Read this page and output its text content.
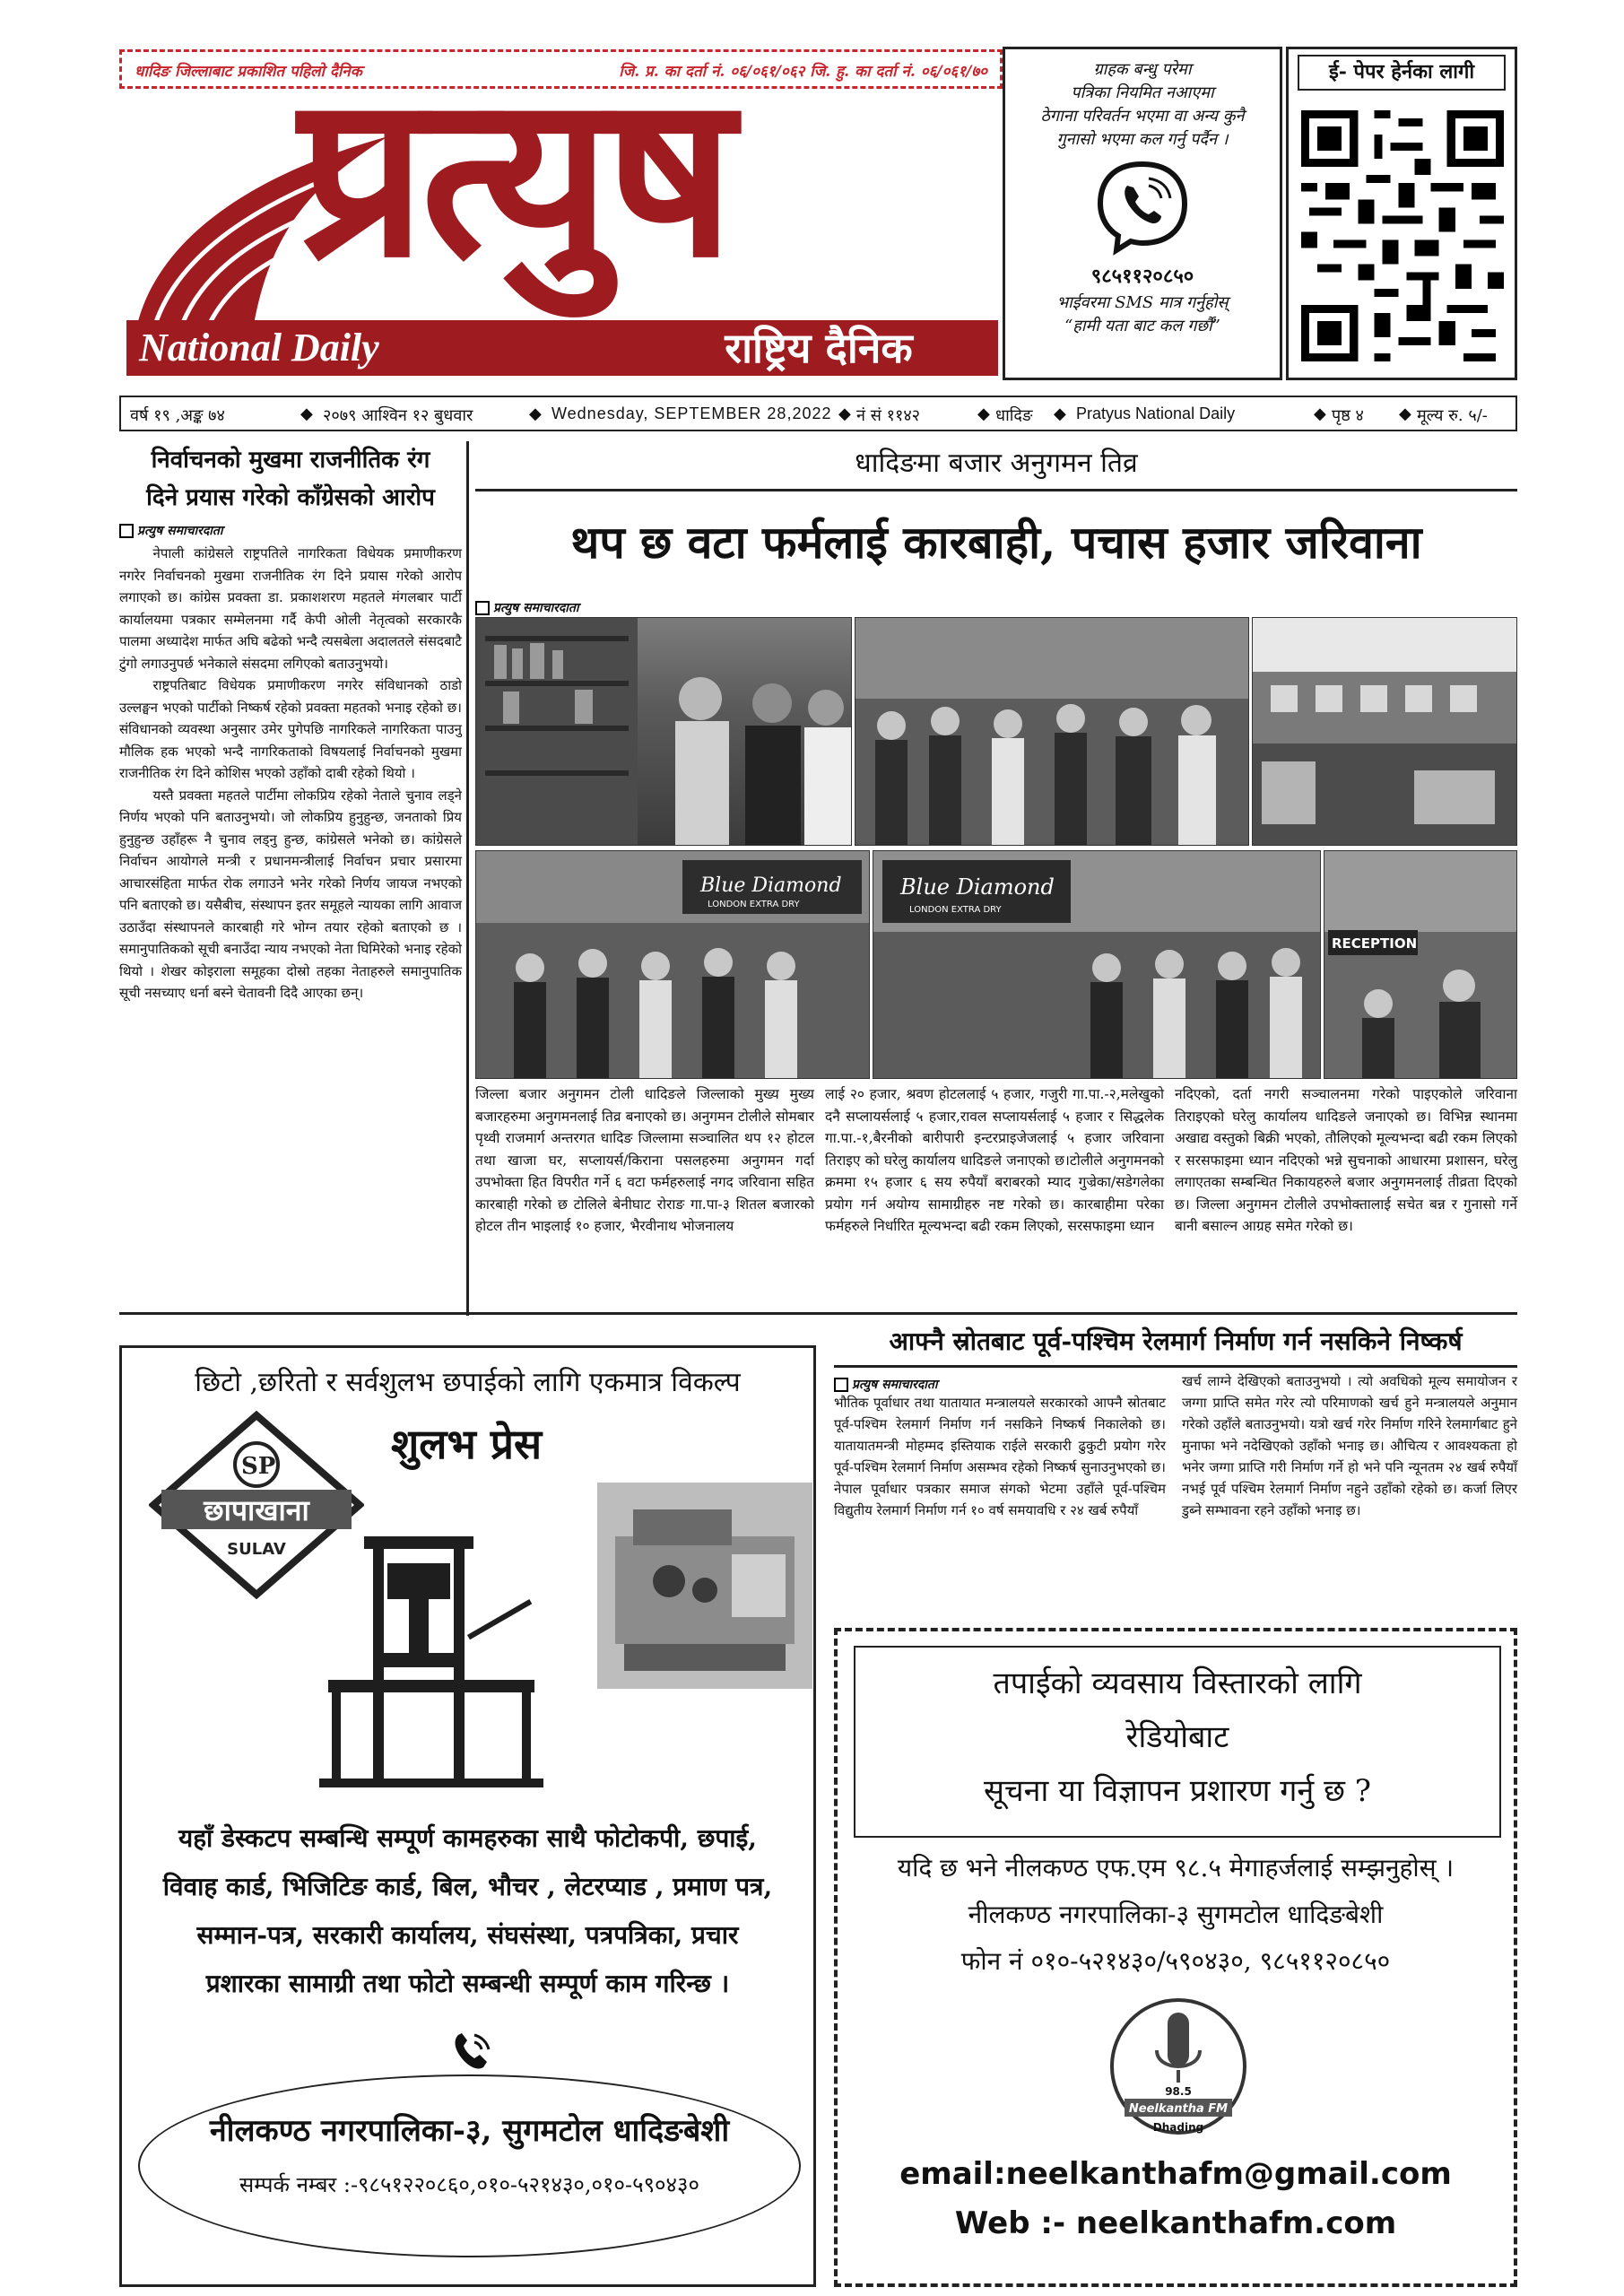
धादिङ जिल्लाबाट प्रकाशित पहिलो दैनिक	जि. प्र. का दर्ता नं. ०६/०६१/०६२ जि. हु. का दर्ता नं. ०६/०६१/७०
प्रत्युष
National Daily	राष्ट्रिय दैनिक
ग्राहक बन्धु परेमा
पत्रिका नियमित नआएमा
ठेगाना परिवर्तन भएमा वा अन्य कुनै
गुनासो भएमा कल गर्नु पर्दैन ।
९८५११२०८५०
भाईवरमा SMS मात्र गर्नुहोस्
“हामी यता बाट कल गर्छौं”
ई- पेपर हेर्नका लागी
वर्ष १९ ,अङ्क ७४	◆ २०७९ आश्विन १२ बुधवार	◆ Wednesday, SEPTEMBER 28,2022 ◆ नं सं ११४२	◆ धादिङ ◆ Pratyus National Daily	◆ पृष्ठ ४ ◆ मूल्य रु. ५/-
निर्वाचनको मुखमा राजनीतिक रंग
दिने प्रयास गरेको काँग्रेसको आरोप
प्रत्युष समाचारदाता

नेपाली कांग्रेसले राष्ट्रपतिले नागरिकता विधेयक प्रमाणीकरण नगरेर निर्वाचनको मुखमा राजनीतिक रंग दिने प्रयास गरेको आरोप लगाएको छ। कांग्रेस प्रवक्ता डा. प्रकाशशरण महतले मंगलबार पार्टी कार्यालयमा पत्रकार सम्मेलनमा गर्दै केपी ओली नेतृत्वको सरकारकै पालमा अध्यादेश मार्फत अघि बढेको भन्दै त्यसबेला अदालतले संसदबाटै टुंगो लगाउनुपर्छ भनेकाले संसदमा लगिएको बताउनुभयो।

राष्ट्रपतिबाट विधेयक प्रमाणीकरण नगरेर संविधानको ठाडो उल्लङ्घन भएको पार्टीको निष्कर्ष रहेको प्रवक्ता महतको भनाइ रहेको छ। संविधानको व्यवस्था अनुसार उमेर पुगेपछि नागरिकले नागरिकता पाउनु मौलिक हक भएको भन्दै नागरिकताको विषयलाई निर्वाचनको मुखमा राजनीतिक रंग दिने कोशिस भएको उहाँको दाबी रहेको थियो ।

यस्तै प्रवक्ता महतले पार्टीमा लोकप्रिय रहेको नेताले चुनाव लड्ने निर्णय भएको पनि बताउनुभयो। जो लोकप्रिय हुनुहुन्छ, जनताको प्रिय हुनुहुन्छ उहाँहरू नै चुनाव लड्नु हुन्छ, कांग्रेसले भनेको छ। कांग्रेसले निर्वाचन आयोगले मन्त्री र प्रधानमन्त्रीलाई निर्वाचन प्रचार प्रसारमा आचारसंहिता मार्फत रोक लगाउने भनेर गरेको निर्णय जायज नभएको पनि बताएको छ। यसैबीच, संस्थापन इतर समूहले न्यायका लागि आवाज उठाउँदा संस्थापनले कारबाही गरे भोग्न तयार रहेको बताएको छ । समानुपातिकको सूची बनाउँदा न्याय नभएको नेता घिमिरेको भनाइ रहेको थियो । शेखर कोइराला समूहका दोस्रो तहका नेताहरुले समानुपातिक सूची नसच्याए धर्ना बस्ने चेतावनी दिदै आएका छन्।

धादिङमा बजार अनुगमन तिव्र
थप छ वटा फर्मलाई कारबाही, पचास हजार जरिवाना
प्रत्युष समाचारदाता
Blue Diamond
LONDON EXTRA DRY
Blue Diamond
LONDON EXTRA DRY
RECEPTION
जिल्ला बजार अनुगमन टोली धादिङले जिल्लाको मुख्य मुख्य बजारहरुमा अनुगमनलाई तिव्र बनाएको छ। अनुगमन टोलीले सोमबार पृथ्वी राजमार्ग अन्तरगत धादिङ जिल्लामा सञ्चालित थप १२ होटल तथा खाजा घर, सप्लायर्स/किराना पसलहरुमा अनुगमन गर्दा उपभोक्ता हित विपरीत गर्ने ६ वटा फर्महरुलाई नगद जरिवाना सहित कारबाही गरेको छ टोलिले बेनीघाट रोराङ गा.पा-३ शितल बजारको होटल तीन भाइलाई १० हजार, भैरवीनाथ भोजनालय
लाई २० हजार, श्रवण होटललाई ५ हजार, गजुरी गा.पा.-२,मलेखुको दनै सप्लायर्सलाई ५ हजार,रावल सप्लायर्सलाई ५ हजार र सिद्धलेक गा.पा.-१,बैरनीको बारीपारी इन्टरप्राइजेजलाई ५ हजार जरिवाना तिराइए को घरेलु कार्यालय धादिङले जनाएको छ।टोलीले अनुगमनको क्रममा १५ हजार ६ सय रुपैयाँ बराबरको म्याद गुज्रेका/सडेगलेका प्रयोग गर्न अयोग्य सामाग्रीहरु नष्ट गरेको छ। कारबाहीमा परेका फर्महरुले निर्धारित मूल्यभन्दा बढी रकम लिएको, सरसफाइमा ध्यान
नदिएको, दर्ता नगरी सञ्चालनमा गरेको पाइएकोले जरिवाना तिराइएको घरेलु कार्यालय धादिङले जनाएको छ। विभिन्न स्थानमा अखाद्य वस्तुको बिक्री भएको, तौलिएको मूल्यभन्दा बढी रकम लिएको र सरसफाइमा ध्यान नदिएको भन्ने सुचनाको आधारमा प्रशासन, घरेलु लगाएतका सम्बन्धित निकायहरुले बजार अनुगमनलाई तीव्रता दिएको छ। जिल्ला अनुगमन टोलीले उपभोक्तालाई सचेत बन्न र गुनासो गर्ने बानी बसाल्न आग्रह समेत गरेको छ।
आफ्नै स्रोतबाट पूर्व-पश्चिम रेलमार्ग निर्माण गर्न नसकिने निष्कर्ष
प्रत्युष समाचारदाता
भौतिक पूर्वाधार तथा यातायात मन्त्रालयले सरकारको आफ्नै स्रोतबाट पूर्व-पश्चिम रेलमार्ग निर्माण गर्न नसकिने निष्कर्ष निकालेको छ। यातायातमन्त्री मोहम्मद इस्तियाक राईले सरकारी ढुकुटी प्रयोग गरेर पूर्व-पश्चिम रेलमार्ग निर्माण असम्भव रहेको निष्कर्ष सुनाउनुभएको छ। नेपाल पूर्वाधार पत्रकार समाज संगको भेटमा उहाँले पूर्व-पश्चिम विद्युतीय रेलमार्ग निर्माण गर्न १० वर्ष समयावधि र २४ खर्ब रुपैयाँ
खर्च लाग्ने देखिएको बताउनुभयो । त्यो अवधिको मूल्य समायोजन र जग्गा प्राप्ति समेत गरेर त्यो परिमाणको खर्च हुने मन्त्रालयले अनुमान गरेको उहाँले बताउनुभयो। यत्रो खर्च गरेर निर्माण गरिने रेलमार्गबाट हुने मुनाफा भने नदेखिएको उहाँको भनाइ छ। औचित्य र आवश्यकता हो भनेर जग्गा प्राप्ति गरी निर्माण गर्ने हो भने पनि न्यूनतम २४ खर्ब रुपैयाँ नभई पूर्व पश्चिम रेलमार्ग निर्माण नहुने उहाँको रहेको छ। कर्जा लिएर डुब्ने सम्भावना रहने उहाँको भनाइ छ।
छिटो ,छरितो र सर्वशुलभ छपाईको लागि एकमात्र विकल्प
शुलभ प्रेस
SP
छापाखाना
SULAV
यहाँ डेस्कटप सम्बन्धि सम्पूर्ण कामहरुका साथै फोटोकपी, छपाई,
विवाह कार्ड, भिजिटिङ कार्ड, बिल, भौचर , लेटरप्याड , प्रमाण पत्र,
सम्मान-पत्र, सरकारी कार्यालय, संघसंस्था, पत्रपत्रिका, प्रचार
प्रशारका सामाग्री तथा फोटो सम्बन्धी सम्पूर्ण काम गरिन्छ ।
नीलकण्ठ नगरपालिका-३, सुगमटोल धादिङबेशी
सम्पर्क नम्बर :-९८५१२२०८६०,०१०-५२१४३०,०१०-५९०४३०
तपाईको व्यवसाय विस्तारको लागि
रेडियोबाट
सूचना या विज्ञापन प्रशारण गर्नु छ ?
यदि छ भने नीलकण्ठ एफ.एम ९८.५ मेगाहर्जलाई सम्झनुहोस् ।
नीलकण्ठ नगरपालिका-३ सुगमटोल धादिङबेशी
फोन नं ०१०-५२१४३०/५९०४३०, ९८५११२०८५०
98.5
Neelkantha FM
Dhading
email:neelkanthafm@gmail.com
Web :- neelkanthafm.com
